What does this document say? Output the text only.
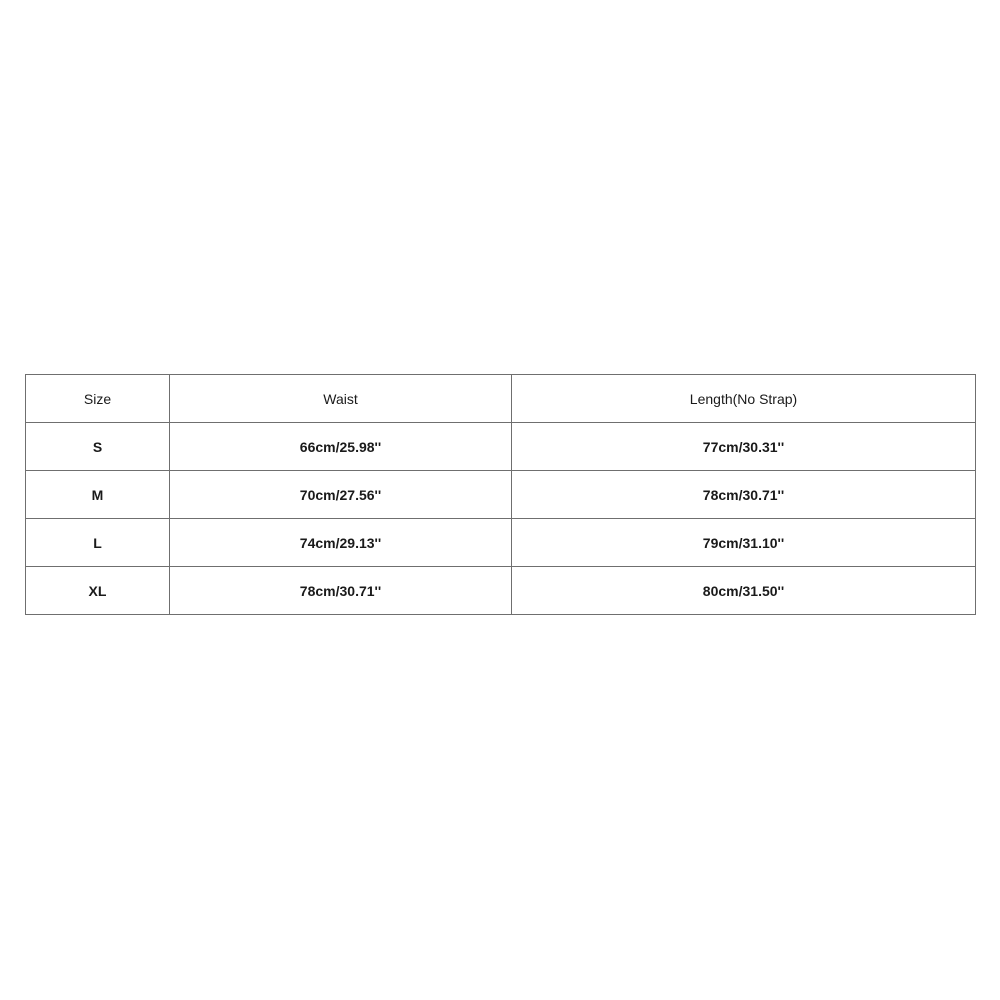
Size	Waist	Length(No Strap)
S	66cm/25.98''	77cm/30.31''
M	70cm/27.56''	78cm/30.71''
L	74cm/29.13''	79cm/31.10''
XL	78cm/30.71''	80cm/31.50''
